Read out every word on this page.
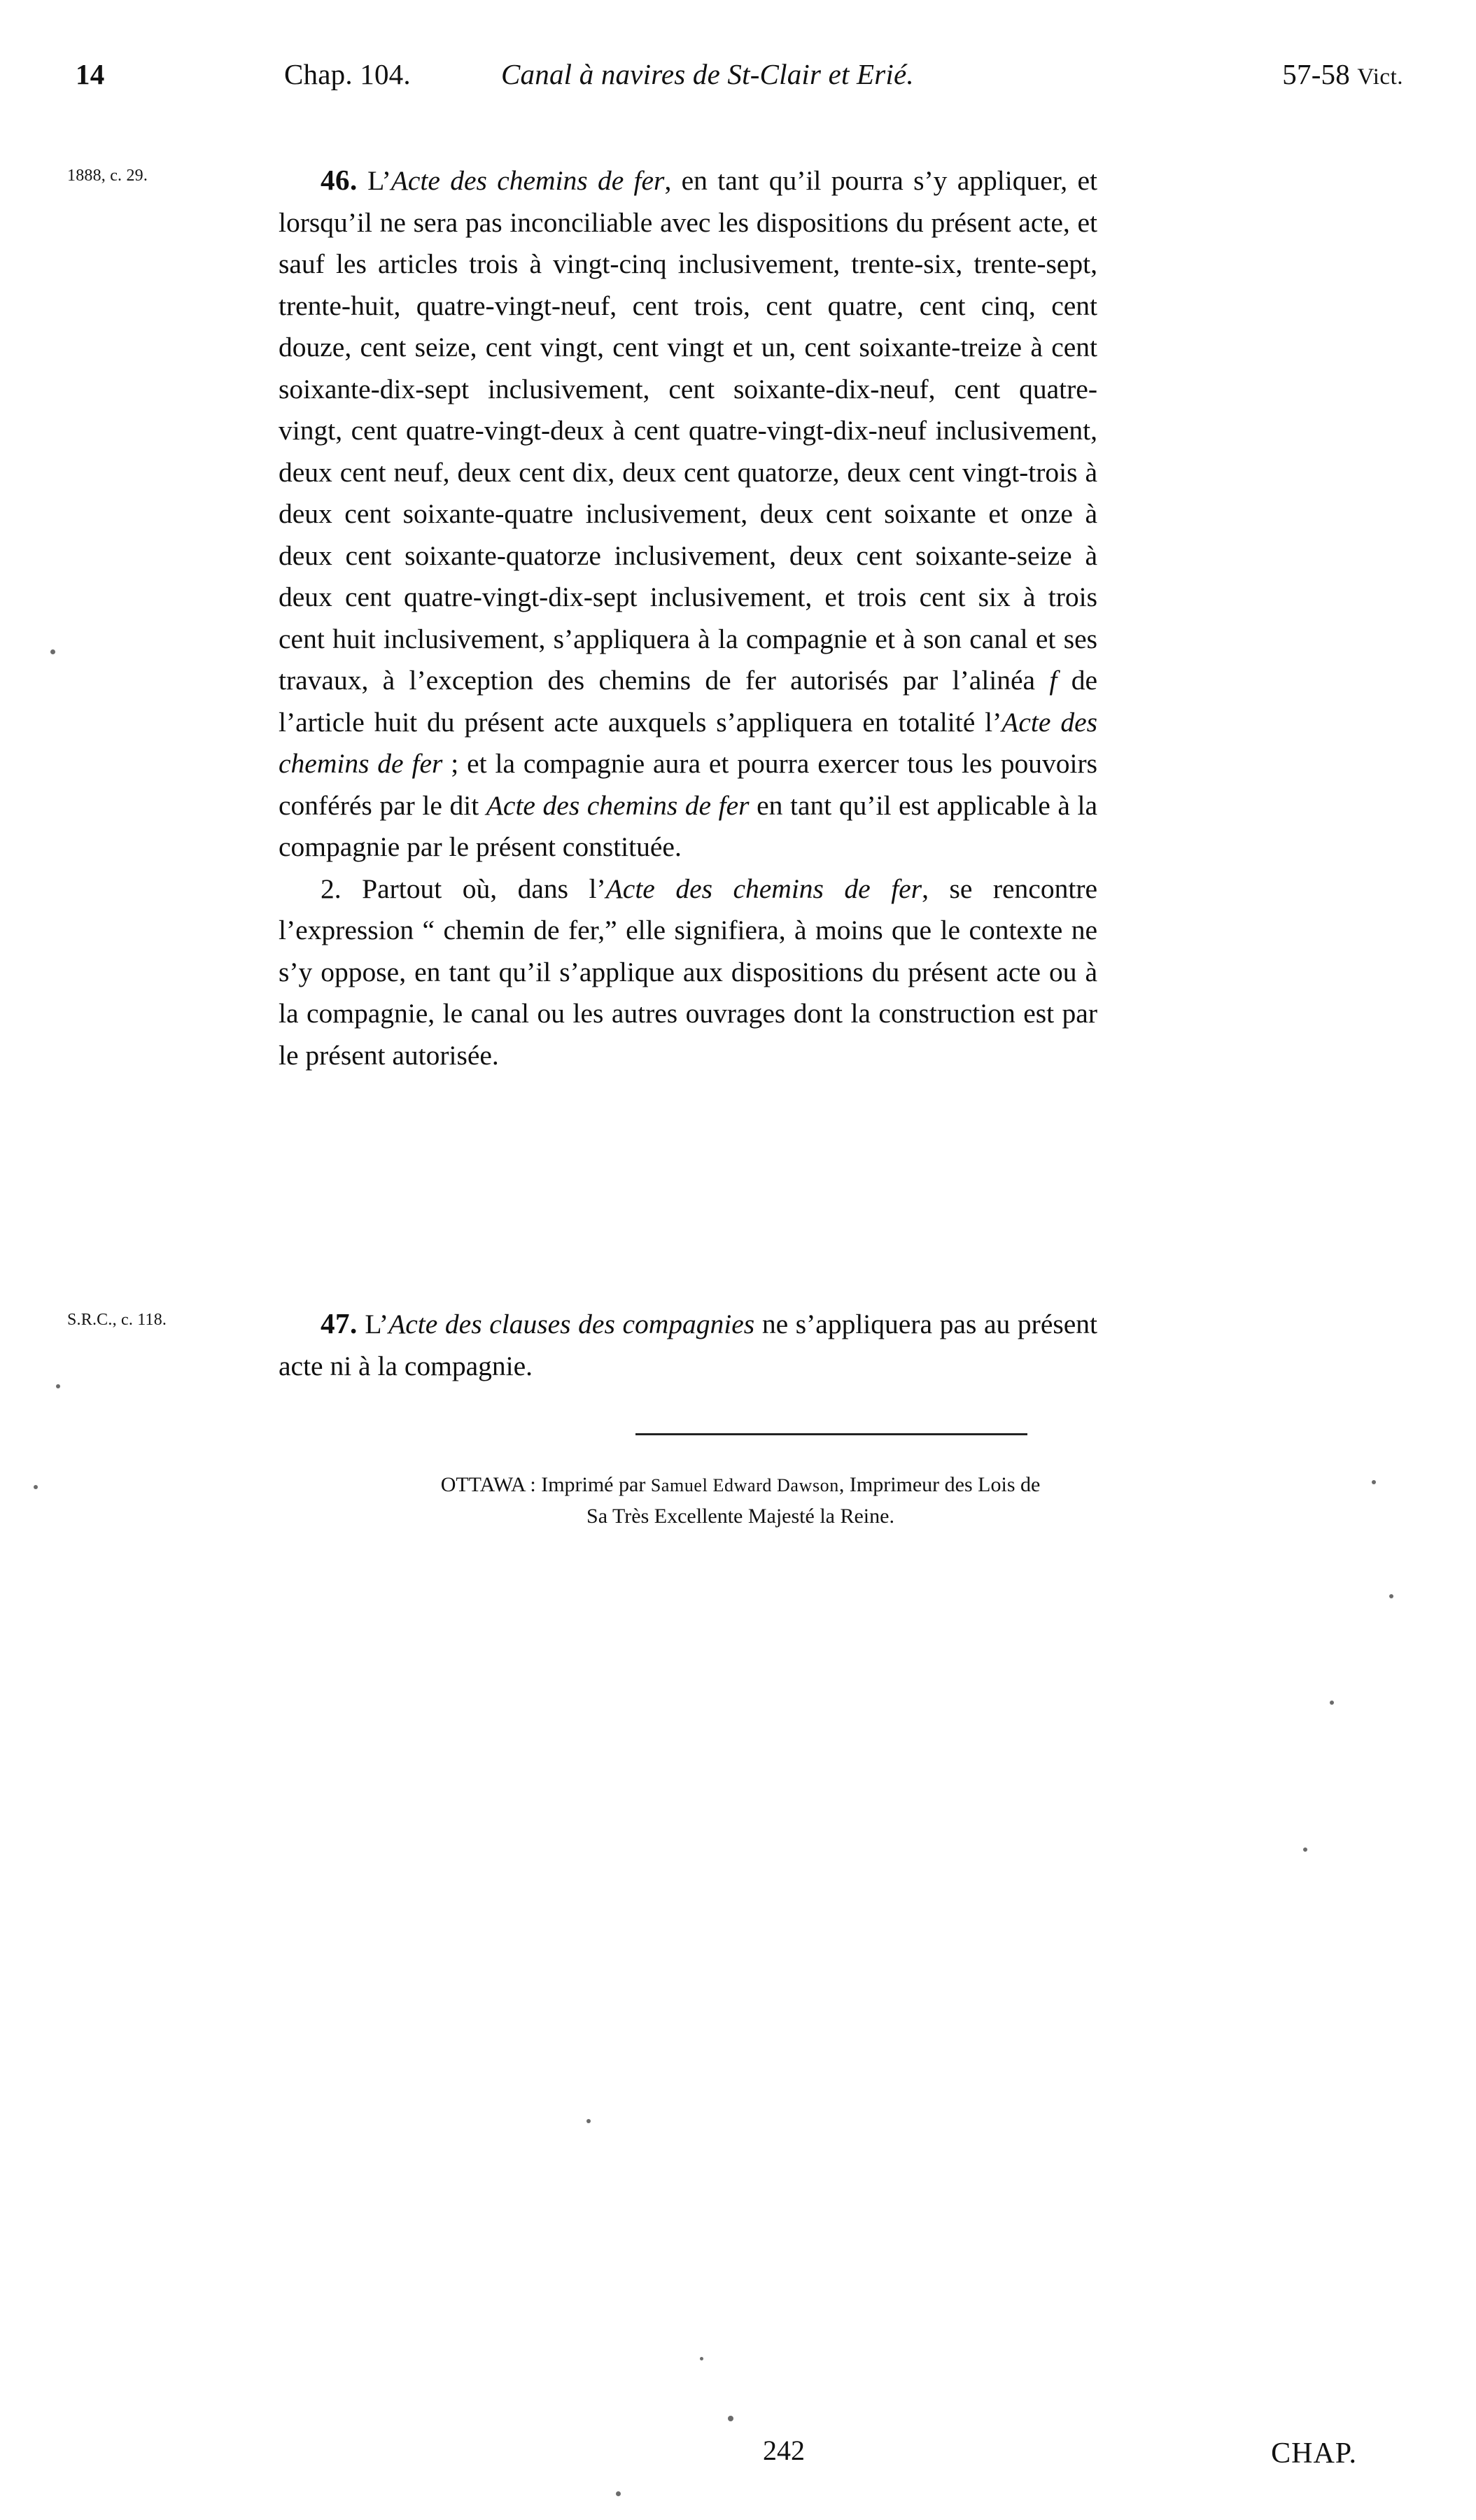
14	Chap. 104.	Canal à navires de St-Clair et Erié.	57-58 Vict.
1888, c. 29.
S.R.C., c. 118.

46. L’Acte des chemins de fer, en tant qu’il pourra s’y appliquer, et lorsqu’il ne sera pas inconciliable avec les dispositions du présent acte, et sauf les articles trois à vingt-cinq inclusivement, trente-six, trente-sept, trente-huit, quatre-vingt-neuf, cent trois, cent quatre, cent cinq, cent douze, cent seize, cent vingt, cent vingt et un, cent soixante-treize à cent soixante-dix-sept inclusivement, cent soixante-dix-neuf, cent quatre-vingt, cent quatre-vingt-deux à cent quatre-vingt-dix-neuf inclusivement, deux cent neuf, deux cent dix, deux cent quatorze, deux cent vingt-trois à deux cent soixante-quatre inclusivement, deux cent soixante et onze à deux cent soixante-quatorze inclusivement, deux cent soixante-seize à deux cent quatre-vingt-dix-sept inclusivement, et trois cent six à trois cent huit inclusivement, s’appliquera à la compagnie et à son canal et ses travaux, à l’exception des chemins de fer autorisés par l’alinéa f de l’article huit du présent acte auxquels s’appliquera en totalité l’Acte des chemins de fer ; et la compagnie aura et pourra exercer tous les pouvoirs conférés par le dit Acte des chemins de fer en tant qu’il est applicable à la compagnie par le présent constituée.

2. Partout où, dans l’Acte des chemins de fer, se rencontre l’expression “ chemin de fer,” elle signifiera, à moins que le contexte ne s’y oppose, en tant qu’il s’applique aux dispositions du présent acte ou à la compagnie, le canal ou les autres ouvrages dont la construction est par le présent autorisée.

47. L’Acte des clauses des compagnies ne s’appliquera pas au présent acte ni à la compagnie.

OTTAWA : Imprimé par Samuel Edward Dawson, Imprimeur des Lois de
Sa Très Excellente Majesté la Reine.
242	CHAP.
